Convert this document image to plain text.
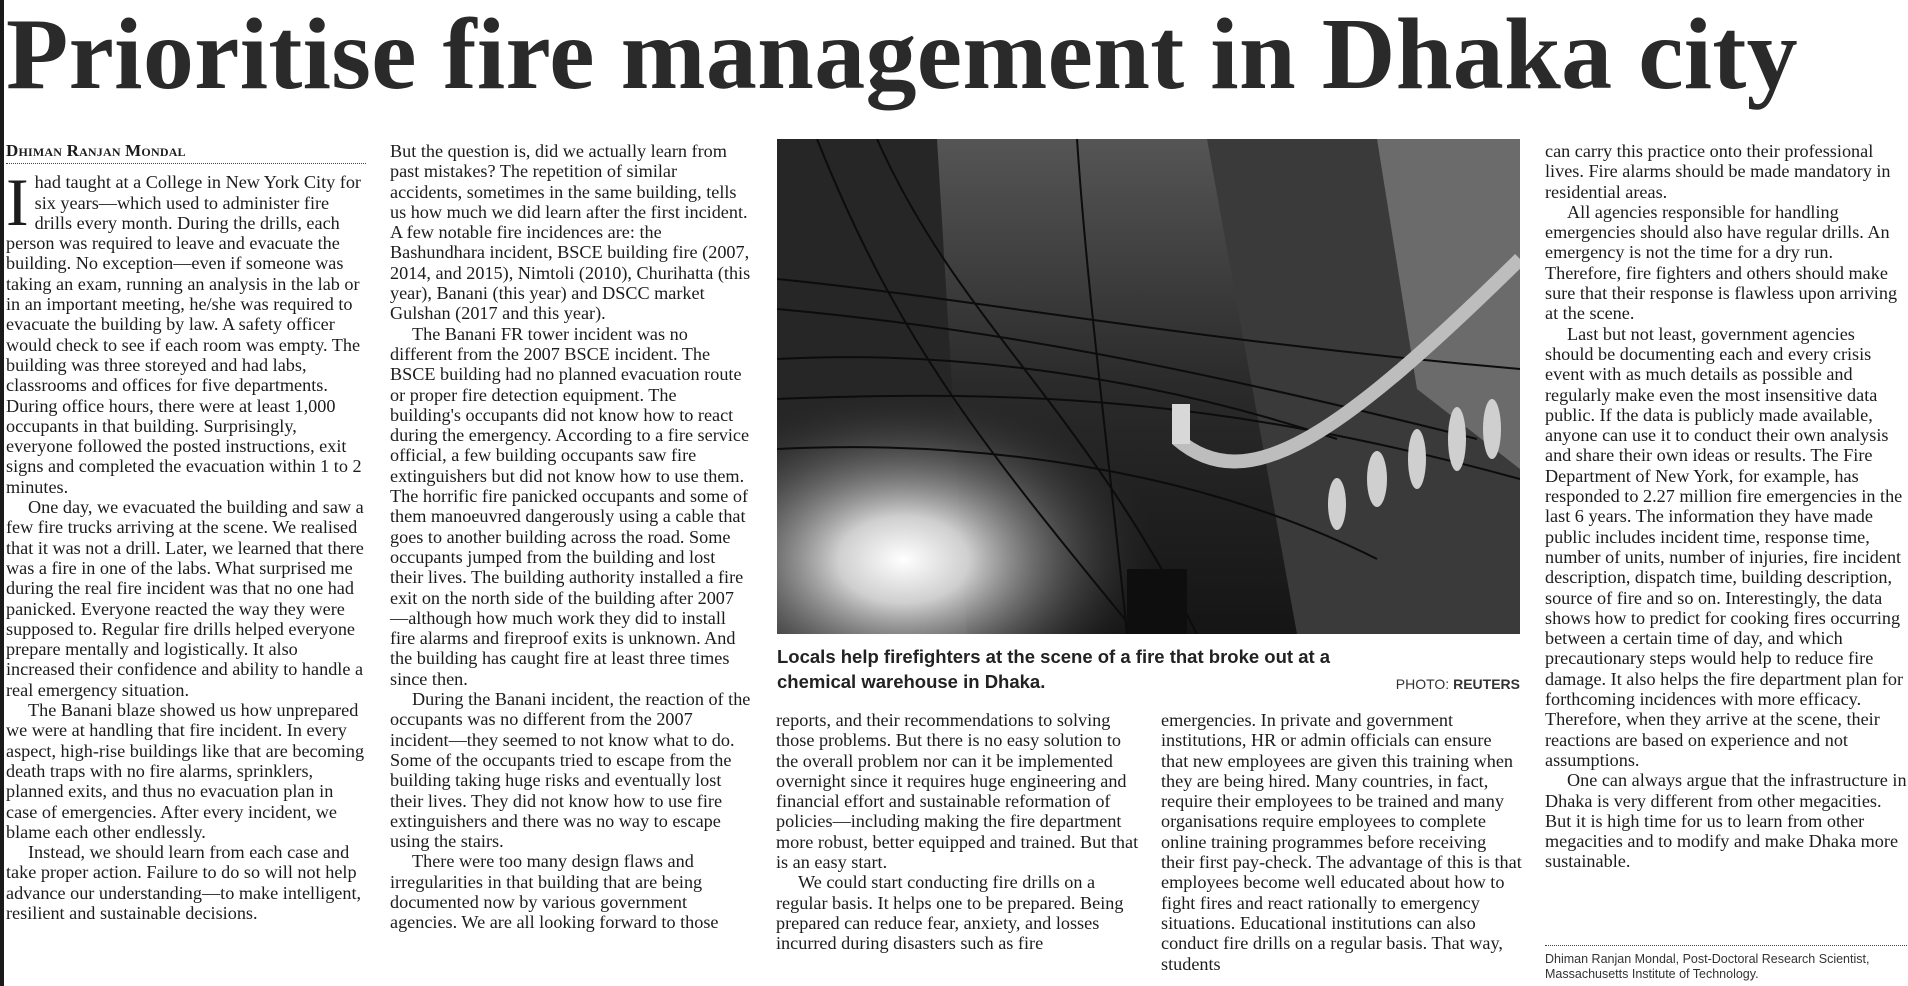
Prioritise fire management in Dhaka city
Dhiman Ranjan Mondal

Ihad taught at a College in New York City for six years—which used to administer fire drills every month. During the drills, each person was required to leave and evacuate the building. No exception—even if someone was taking an exam, running an analysis in the lab or in an important meeting, he/she was required to evacuate the building by law. A safety officer would check to see if each room was empty. The building was three storeyed and had labs, classrooms and offices for five departments. During office hours, there were at least 1,000 occupants in that building. Surprisingly, everyone followed the posted instructions, exit signs and completed the evacuation within 1 to 2 minutes.

One day, we evacuated the building and saw a few fire trucks arriving at the scene. We realised that it was not a drill. Later, we learned that there was a fire in one of the labs. What surprised me during the real fire incident was that no one had panicked. Everyone reacted the way they were supposed to. Regular fire drills helped everyone prepare mentally and logistically. It also increased their confidence and ability to handle a real emergency situation.

The Banani blaze showed us how unprepared we were at handling that fire incident. In every aspect, high-rise buildings like that are becoming death traps with no fire alarms, sprinklers, planned exits, and thus no evacuation plan in case of emergencies. After every incident, we blame each other endlessly.

Instead, we should learn from each case and take proper action. Failure to do so will not help advance our understanding—to make intelligent, resilient and sustainable decisions.

But the question is, did we actually learn from past mistakes? The repetition of similar accidents, sometimes in the same building, tells us how much we did learn after the first incident. A few notable fire incidences are: the Bashundhara incident, BSCE building fire (2007, 2014, and 2015), Nimtoli (2010), Churihatta (this year), Banani (this year) and DSCC market Gulshan (2017 and this year).

The Banani FR tower incident was no different from the 2007 BSCE incident. The BSCE building had no planned evacuation route or proper fire detection equipment. The building's occupants did not know how to react during the emergency. According to a fire service official, a few building occupants saw fire extinguishers but did not know how to use them. The horrific fire panicked occupants and some of them manoeuvred dangerously using a cable that goes to another building across the road. Some occupants jumped from the building and lost their lives. The building authority installed a fire exit on the north side of the building after 2007—although how much work they did to install fire alarms and fireproof exits is unknown. And the building has caught fire at least three times since then.

During the Banani incident, the reaction of the occupants was no different from the 2007 incident—they seemed to not know what to do. Some of the occupants tried to escape from the building taking huge risks and eventually lost their lives. They did not know how to use fire extinguishers and there was no way to escape using the stairs.

There were too many design flaws and irregularities in that building that are being documented now by various government agencies. We are all looking forward to those

Locals help firefighters at the scene of a fire that broke out at a chemical warehouse in Dhaka.	PHOTO: REUTERS

reports, and their recommendations to solving those problems. But there is no easy solution to the overall problem nor can it be implemented overnight since it requires huge engineering and financial effort and sustainable reformation of policies—including making the fire department more robust, better equipped and trained. But that is an easy start.

We could start conducting fire drills on a regular basis. It helps one to be prepared. Being prepared can reduce fear, anxiety, and losses incurred during disasters such as fire

emergencies. In private and government institutions, HR or admin officials can ensure that new employees are given this training when they are being hired. Many countries, in fact, require their employees to be trained and many organisations require employees to complete online training programmes before receiving their first pay-check. The advantage of this is that employees become well educated about how to fight fires and react rationally to emergency situations. Educational institutions can also conduct fire drills on a regular basis. That way, students

can carry this practice onto their professional lives. Fire alarms should be made mandatory in residential areas.

All agencies responsible for handling emergencies should also have regular drills. An emergency is not the time for a dry run. Therefore, fire fighters and others should make sure that their response is flawless upon arriving at the scene.

Last but not least, government agencies should be documenting each and every crisis event with as much details as possible and regularly make even the most insensitive data public. If the data is publicly made available, anyone can use it to conduct their own analysis and share their own ideas or results. The Fire Department of New York, for example, has responded to 2.27 million fire emergencies in the last 6 years. The information they have made public includes incident time, response time, number of units, number of injuries, fire incident description, dispatch time, building description, source of fire and so on. Interestingly, the data shows how to predict for cooking fires occurring between a certain time of day, and which precautionary steps would help to reduce fire damage. It also helps the fire department plan for forthcoming incidences with more efficacy. Therefore, when they arrive at the scene, their reactions are based on experience and not assumptions.

One can always argue that the infrastructure in Dhaka is very different from other megacities. But it is high time for us to learn from other megacities and to modify and make Dhaka more sustainable.

Dhiman Ranjan Mondal, Post-Doctoral Research Scientist, Massachusetts Institute of Technology.
